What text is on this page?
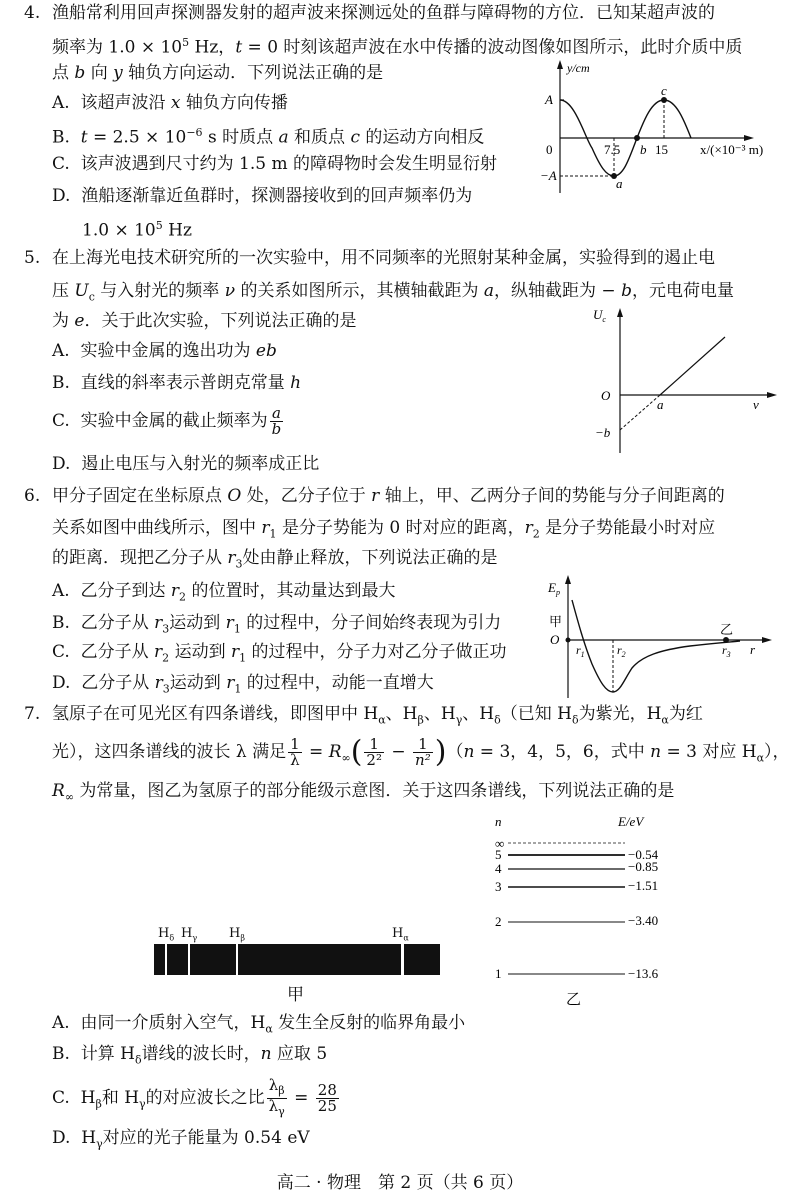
4. 渔船常利用回声探测器发射的超声波来探测远处的鱼群与障碍物的方位．已知某超声波的
频率为 $1.0 \times 10^5$ Hz，t = 0 时刻该超声波在水中传播的波动图像如图所示，此时介质中质
点 b 向 y 轴负方向运动．下列说法正确的是
A. 该超声波沿 x 轴负方向传播
B. $t = 2.5 \times 10^{-6}$ s 时质点 a 和质点 c 的运动方向相反
C. 该声波遇到尺寸约为 1.5 m 的障碍物时会发生明显衍射
D. 渔船逐渐靠近鱼群时，探测器接收到的回声频率仍为
$1.0 \times 10^5$ Hz
y/cm
A
−A
0
a
b
c
7.5	15 x/(×10⁻³ m)
5. 在上海光电技术研究所的一次实验中，用不同频率的光照射某种金属，实验得到的遏止电
压 $U_c$ 与入射光的频率 ν 的关系如图所示，其横轴截距为 a，纵轴截距为 − b，元电荷电量
为 e．关于此次实验，下列说法正确的是
A. 实验中金属的逸出功为 eb
B. 直线的斜率表示普朗克常量 h
C. 实验中金属的截止频率为 $\frac{a}{b}$
D. 遏止电压与入射光的频率成正比
$U_c$
O
a
−b
ν
6. 甲分子固定在坐标原点 O 处，乙分子位于 r 轴上，甲、乙两分子间的势能与分子间距离的
关系如图中曲线所示，图中 $r_1$ 是分子势能为 0 时对应的距离，$r_2$ 是分子势能最小时对应
的距离．现把乙分子从 $r_3$处由静止释放，下列说法正确的是
A. 乙分子到达 $r_2$ 的位置时，其动量达到最大
B. 乙分子从 $r_3$运动到 $r_1$ 的过程中，分子间始终表现为引力
C. 乙分子从 $r_2$ 运动到 $r_1$ 的过程中，分子力对乙分子做正功
D. 乙分子从 $r_3$运动到 $r_1$ 的过程中，动能一直增大
$E_p$
O
甲
乙
$r_1$	$r_2$	$r_3$ r
7. 氢原子在可见光区有四条谱线，即图甲中 $H_\alpha$、$H_\beta$、$H_\gamma$、$H_\delta$（已知 $H_\delta$为紫光，$H_\alpha$为红
光），这四条谱线的波长 λ 满足 $\frac{1}{\lambda} = R_\infty( \frac{1}{\text{2²}} - \frac{1}{\text{n²}} )(n = 3$，4，5，6，式中 n = 3 对应 $H_\alpha$），
$R_\infty$ 为常量，图乙为氢原子的部分能级示意图．关于这四条谱线，下列说法正确的是
$H_\delta$ $H_\gamma$ $H_\beta$	$H_\alpha$
甲
n	E/eV
∞
5	−0.54
4	−0.85
3	−1.51
2	−3.40
1	−13.6
乙
A. 由同一介质射入空气，$H_\alpha$ 发生全反射的临界角最小
B. 计算 $H_\delta$谱线的波长时，n 应取 5
C. $H_\beta$和 $H_\gamma$的对应波长之比 $\frac{\lambda_\beta}{\lambda_\gamma} = \frac{28}{25}$
D. $H_\gamma$对应的光子能量为 0.54 eV
高二 · 物理　第 2 页（共 6 页）
